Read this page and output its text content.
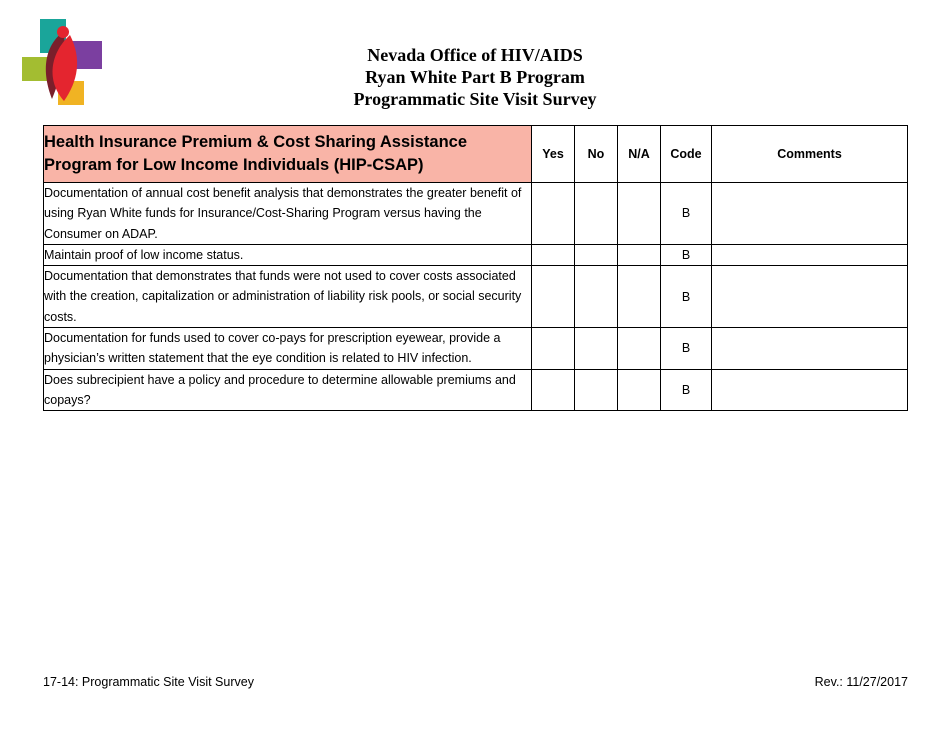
Nevada Office of HIV/AIDS
Ryan White Part B Program
Programmatic Site Visit Survey
Health Insurance Premium & Cost Sharing Assistance Program for Low Income Individuals (HIP-CSAP)	Yes	No	N/A	Code	Comments
Documentation of annual cost benefit analysis that demonstrates the greater benefit of using Ryan White funds for Insurance/Cost-Sharing Program versus having the Consumer on ADAP.				B	
Maintain proof of low income status.				B	
Documentation that demonstrates that funds were not used to cover costs associated with the creation, capitalization or administration of liability risk pools, or social security costs.				B	
Documentation for funds used to cover co-pays for prescription eyewear, provide a physician’s written statement that the eye condition is related to HIV infection.				B	
Does subrecipient have a policy and procedure to determine allowable premiums and copays?				B	
17-14: Programmatic Site Visit Survey	Rev.: 11/27/2017
